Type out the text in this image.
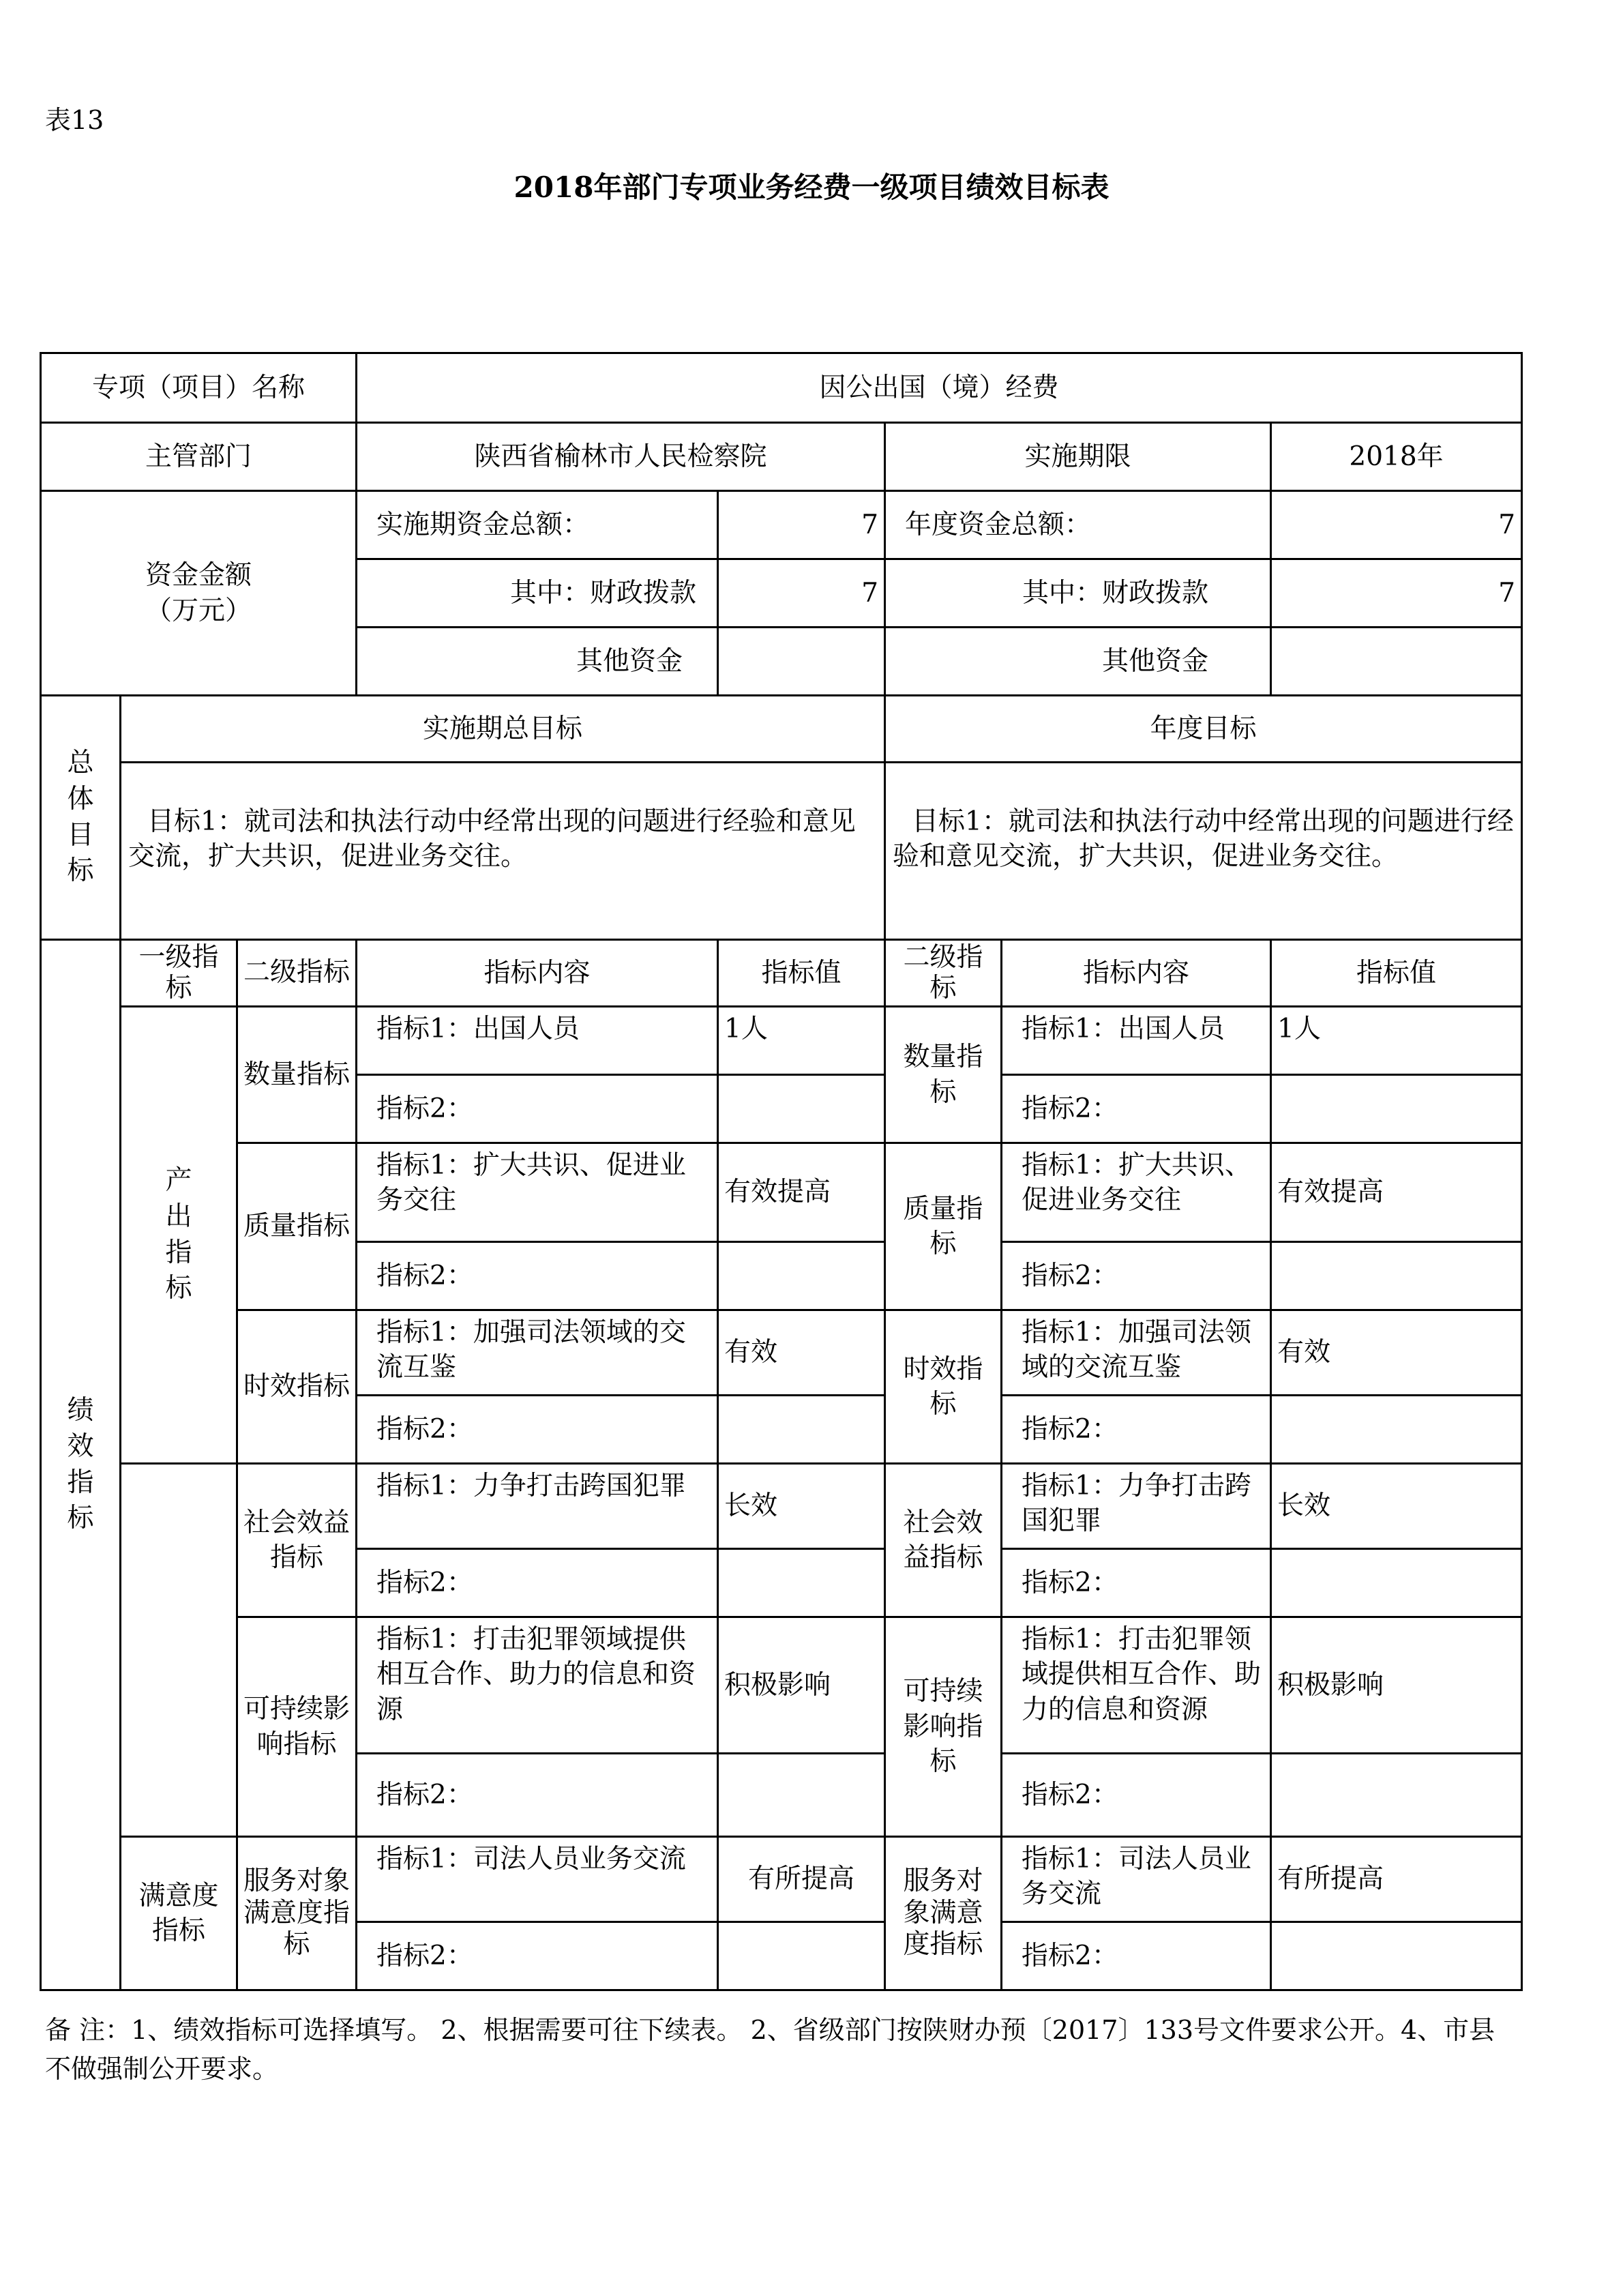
表13
2018年部门专项业务经费一级项目绩效目标表
专项（项目）名称			因公出国（境）经费				
主管部门			陕西省榆林市人民检察院		实施期限		2018年

资金金额
（万元）			实施期资金总额：	7	年度资金总额：		7
			其中：财政拨款	7	其中：财政拨款		7
			其他资金		其他资金		

总体目标	实施期总目标				年度目标		
	目标1：就司法和执法行动中经常出现的问题进行经验和意见交流，扩大共识，促进业务交往。				目标1：就司法和执法行动中经常出现的问题进行经验和意见交流，扩大共识，促进业务交往。		

绩效指标	一级指标	二级指标	指标内容	指标值	二级指标	指标内容	指标值

	产出指标	数量指标	指标1：出国人员	1人	数量指标	指标1：出国人员	1人
			指标2：			指标2：	
		质量指标	指标1：扩大共识、促进业务交往	有效提高	质量指标	指标1：扩大共识、促进业务交往	有效提高
			指标2：			指标2：	
		时效指标	指标1：加强司法领域的交流互鉴	有效	时效指标	指标1：加强司法领域的交流互鉴	有效
			指标2：			指标2：	
		社会效益指标	指标1：力争打击跨国犯罪	长效	社会效益指标	指标1：力争打击跨国犯罪	长效
			指标2：			指标2：	
		可持续影响指标	指标1：打击犯罪领域提供相互合作、助力的信息和资源	积极影响	可持续影响指标	指标1：打击犯罪领域提供相互合作、助力的信息和资源	积极影响
			指标2：			指标2：	
	满意度指标	服务对象满意度指标	指标1：司法人员业务交流	有所提高	服务对象满意度指标	指标1：司法人员业务交流	有所提高
			指标2：			指标2：	
备 注：1、绩效指标可选择填写。 2、根据需要可往下续表。 2、省级部门按陕财办预〔2017〕133号文件要求公开。4、市县不做强制公开要求。
